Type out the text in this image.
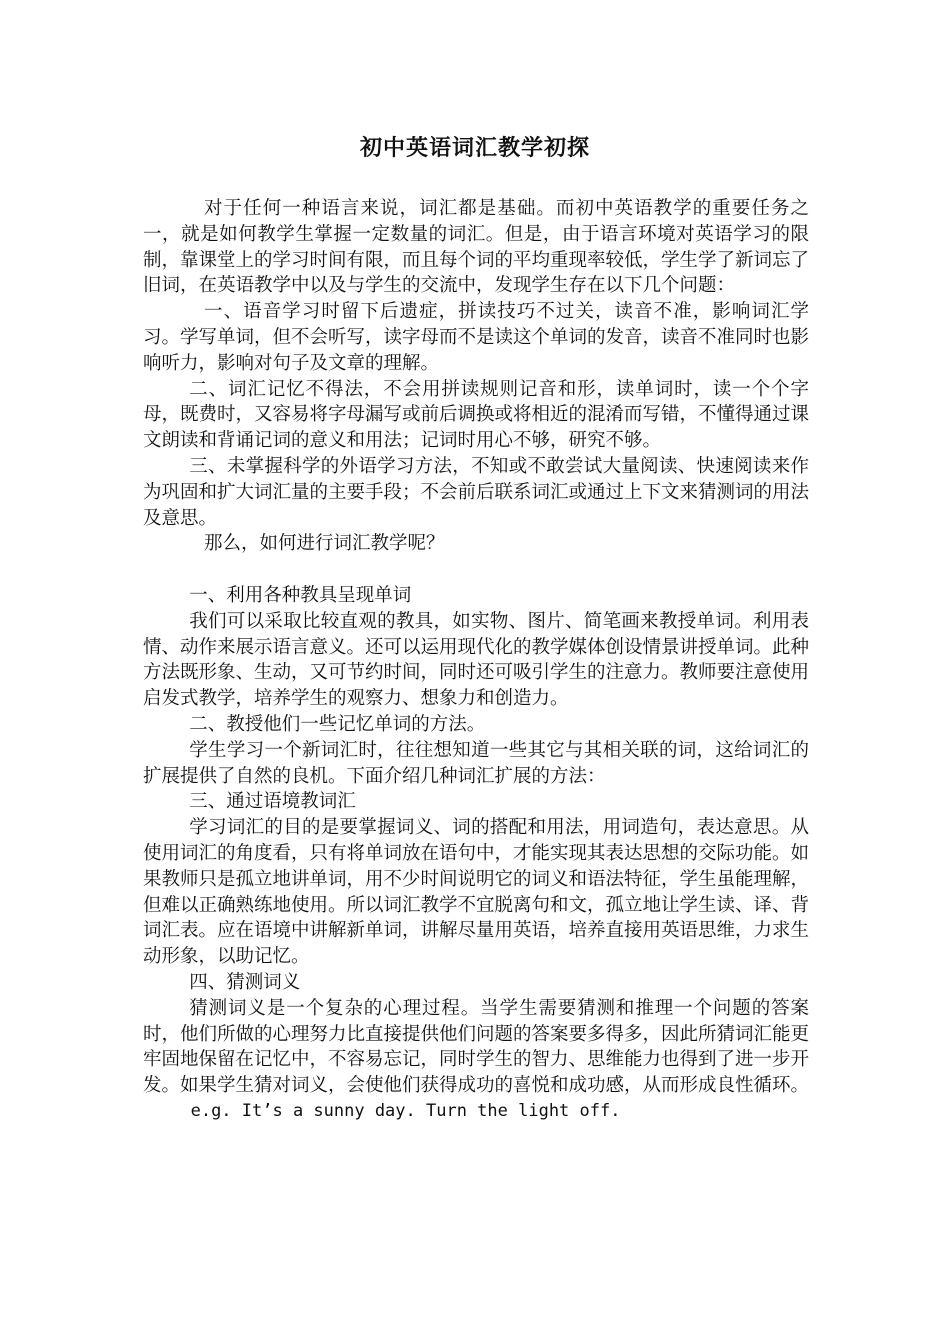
初中英语词汇教学初探

对于任何一种语言来说，词汇都是基础。而初中英语教学的重要任务之一，就是如何教学生掌握一定数量的词汇。但是，由于语言环境对英语学习的限制，靠课堂上的学习时间有限，而且每个词的平均重现率较低，学生学了新词忘了旧词，在英语教学中以及与学生的交流中，发现学生存在以下几个问题：

一、语音学习时留下后遗症，拼读技巧不过关，读音不准，影响词汇学习。学写单词，但不会听写，读字母而不是读这个单词的发音，读音不准同时也影响听力，影响对句子及文章的理解。

二、词汇记忆不得法，不会用拼读规则记音和形，读单词时，读一个个字母，既费时，又容易将字母漏写或前后调换或将相近的混淆而写错，不懂得通过课文朗读和背诵记词的意义和用法；记词时用心不够，研究不够。

三、未掌握科学的外语学习方法，不知或不敢尝试大量阅读、快速阅读来作为巩固和扩大词汇量的主要手段；不会前后联系词汇或通过上下文来猜测词的用法及意思。

那么，如何进行词汇教学呢？

一、利用各种教具呈现单词

我们可以采取比较直观的教具，如实物、图片、简笔画来教授单词。利用表情、动作来展示语言意义。还可以运用现代化的教学媒体创设情景讲授单词。此种方法既形象、生动，又可节约时间，同时还可吸引学生的注意力。教师要注意使用启发式教学，培养学生的观察力、想象力和创造力。

二、教授他们一些记忆单词的方法。

学生学习一个新词汇时，往往想知道一些其它与其相关联的词，这给词汇的扩展提供了自然的良机。下面介绍几种词汇扩展的方法：

三、通过语境教词汇

学习词汇的目的是要掌握词义、词的搭配和用法，用词造句，表达意思。从使用词汇的角度看，只有将单词放在语句中，才能实现其表达思想的交际功能。如果教师只是孤立地讲单词，用不少时间说明它的词义和语法特征，学生虽能理解，但难以正确熟练地使用。所以词汇教学不宜脱离句和文，孤立地让学生读、译、背词汇表。应在语境中讲解新单词，讲解尽量用英语，培养直接用英语思维，力求生动形象，以助记忆。

四、猜测词义

猜测词义是一个复杂的心理过程。当学生需要猜测和推理一个问题的答案时，他们所做的心理努力比直接提供他们问题的答案要多得多，因此所猜词汇能更牢固地保留在记忆中，不容易忘记，同时学生的智力、思维能力也得到了进一步开发。如果学生猜对词义，会使他们获得成功的喜悦和成功感，从而形成良性循环。

e.g. It’s a sunny day. Turn the light off.
